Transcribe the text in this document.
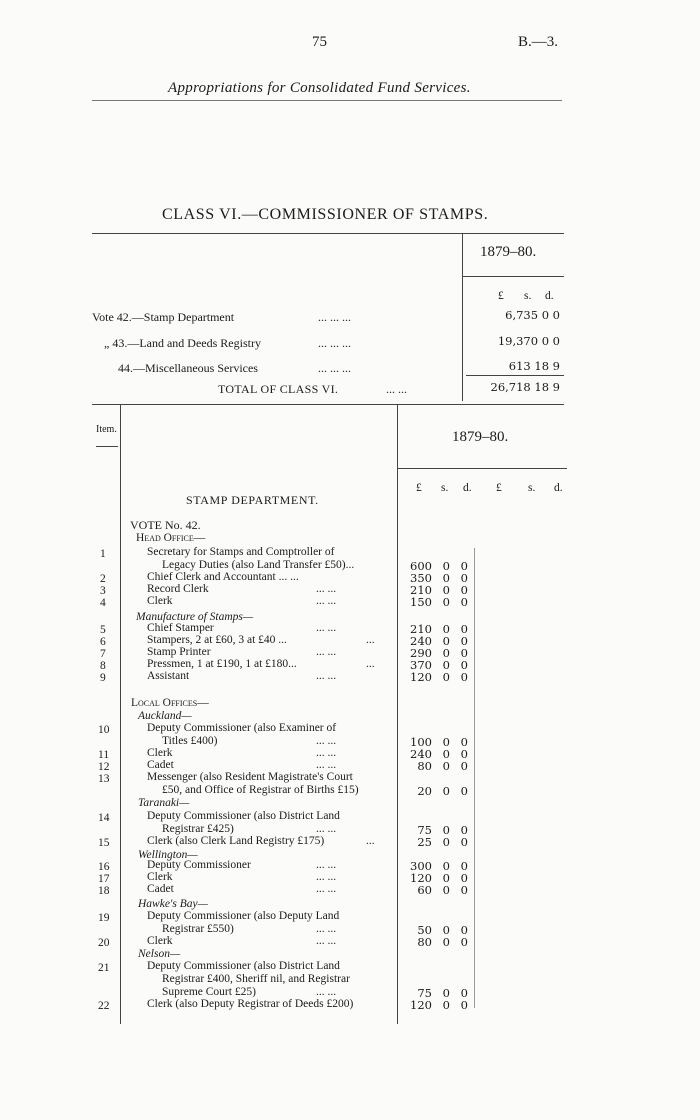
75	B.—3.
Appropriations for Consolidated Fund Services.
CLASS VI.—COMMISSIONER OF STAMPS.
1879–80.
£ s. d.
Vote 42.—Stamp Department	... ... ...	6,735 0 0
„ 43.—Land and Deeds Registry	... ... ...	19,370 0 0
44.—Miscellaneous Services	... ... ...	613 18 9
TOTAL OF CLASS VI.	... ...	26,718 18 9
Item.	1879–80.
£ s. d. £ s. d.
STAMP DEPARTMENT.
VOTE No. 42.
Head Office—
Manufacture of Stamps—
Local Offices—
Auckland—
Taranaki—
Wellington—
Hawke's Bay—
Nelson—
1	Secretary for Stamps and Comptroller of
Legacy Duties (also Land Transfer £50)...	600 0 0
2	Chief Clerk and Accountant ... ...	350 0 0
3	Record Clerk	... ...	210 0 0
4	Clerk	... ...	150 0 0
5	Chief Stamper	... ...	210 0 0
6	Stampers, 2 at £60, 3 at £40 ...	...	240 0 0
7	Stamp Printer	... ...	290 0 0
8	Pressmen, 1 at £190, 1 at £180...	...	370 0 0
9	Assistant	... ...	120 0 0
10	Deputy Commissioner (also Examiner of
Titles £400)	... ...	100 0 0
11	Clerk	... ...	240 0 0
12	Cadet	... ...	80 0 0
13	Messenger (also Resident Magistrate's Court
£50, and Office of Registrar of Births £15)	20 0 0
14	Deputy Commissioner (also District Land
Registrar £425)	... ...	75 0 0
15	Clerk (also Clerk Land Registry £175)	...	25 0 0
16	Deputy Commissioner	... ...	300 0 0
17	Clerk	... ...	120 0 0
18	Cadet	... ...	60 0 0
19	Deputy Commissioner (also Deputy Land
Registrar £550)	... ...	50 0 0
20	Clerk	... ...	80 0 0
21	Deputy Commissioner (also District Land
Registrar £400, Sheriff nil, and Registrar
Supreme Court £25)	... ...	75 0 0
22	Clerk (also Deputy Registrar of Deeds £200)	120 0 0
